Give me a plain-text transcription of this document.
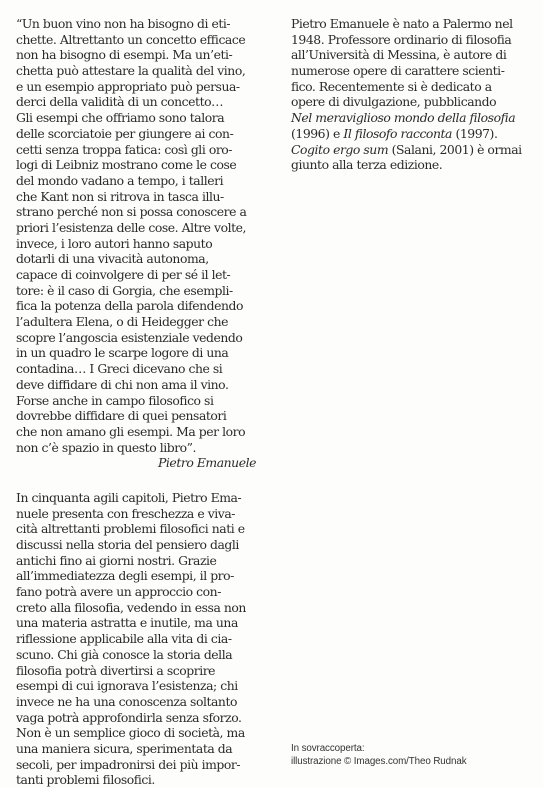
“Un buon vino non ha bisogno di eti-
chette. Altrettanto un concetto efficace
non ha bisogno di esempi. Ma un’eti-
chetta può attestare la qualità del vino,
e un esempio appropriato può persua-
derci della validità di un concetto…
Gli esempi che offriamo sono talora
delle scorciatoie per giungere ai con-
cetti senza troppa fatica: così gli oro-
logi di Leibniz mostrano come le cose
del mondo vadano a tempo, i talleri
che Kant non si ritrova in tasca illu-
strano perché non si possa conoscere a
priori l’esistenza delle cose. Altre volte,
invece, i loro autori hanno saputo
dotarli di una vivacità autonoma,
capace di coinvolgere di per sé il let-
tore: è il caso di Gorgia, che esempli-
fica la potenza della parola difendendo
l’adultera Elena, o di Heidegger che
scopre l’angoscia esistenziale vedendo
in un quadro le scarpe logore di una
contadina… I Greci dicevano che si
deve diffidare di chi non ama il vino.
Forse anche in campo filosofico si
dovrebbe diffidare di quei pensatori
che non amano gli esempi. Ma per loro
non c’è spazio in questo libro”.
Pietro Emanuele
In cinquanta agili capitoli, Pietro Ema-
nuele presenta con freschezza e viva-
cità altrettanti problemi filosofici nati e
discussi nella storia del pensiero dagli
antichi fino ai giorni nostri. Grazie
all’immediatezza degli esempi, il pro-
fano potrà avere un approccio con-
creto alla filosofia, vedendo in essa non
una materia astratta e inutile, ma una
riflessione applicabile alla vita di cia-
scuno. Chi già conosce la storia della
filosofia potrà divertirsi a scoprire
esempi di cui ignorava l’esistenza; chi
invece ne ha una conoscenza soltanto
vaga potrà approfondirla senza sforzo.
Non è un semplice gioco di società, ma
una maniera sicura, sperimentata da
secoli, per impadronirsi dei più impor-
tanti problemi filosofici.
Pietro Emanuele è nato a Palermo nel
1948. Professore ordinario di filosofia
all’Università di Messina, è autore di
numerose opere di carattere scienti-
fico. Recentemente si è dedicato a
opere di divulgazione, pubblicando
Nel meraviglioso mondo della filosofia
(1996) e Il filosofo racconta (1997).
Cogito ergo sum (Salani, 2001) è ormai
giunto alla terza edizione.
In sovraccoperta:
illustrazione © Images.com/Theo Rudnak
